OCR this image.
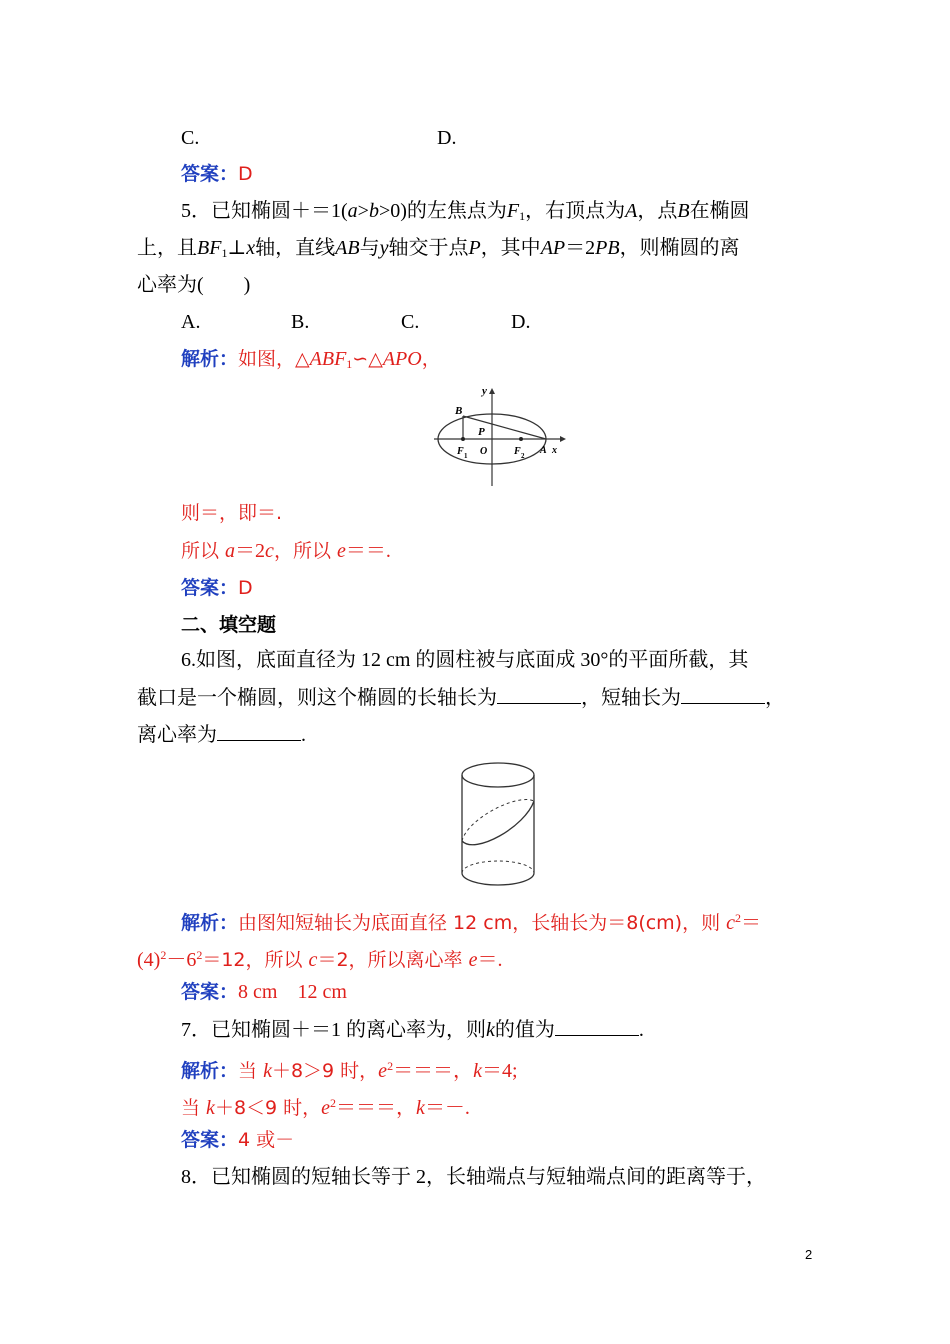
C.	D.
答案：D
5．已知椭圆＋＝1(a>b>0)的左焦点为$F_1$，右顶点为A，点B在椭圆
上，且$BF_1\perp x$轴，直线AB与y轴交于点P，其中AP＝2PB，则椭圆的离
心率为(　　)
A.	B.	C.	D.
解析：如图，$\triangle ABF_1∽\triangle APO$，
y
B
P
F 1 O	F 2 A x
则＝，即＝.
所以 a＝2c，所以 e＝＝.
答案：D
二、填空题
6.如图，底面直径为 12 cm 的圆柱被与底面成 30°的平面所截，其
截口是一个椭圆，则这个椭圆的长轴长为	，短轴长为	，
离心率为	.
解析：由图知短轴长为底面直径 12 cm，长轴长为＝8(cm)，则 $c^2=$
$(4)^2-6^2=12$，所以 c＝2，所以离心率 e＝.
答案：8 cm　12 cm
7．已知椭圆＋＝1 的离心率为，则k的值为	.
解析：当 k＋8＞9 时，$e^2===$，k＝4;
当 k＋8＜9 时，$e^2===$，k＝－.
答案：4 或－
8．已知椭圆的短轴长等于 2，长轴端点与短轴端点间的距离等于，
2
